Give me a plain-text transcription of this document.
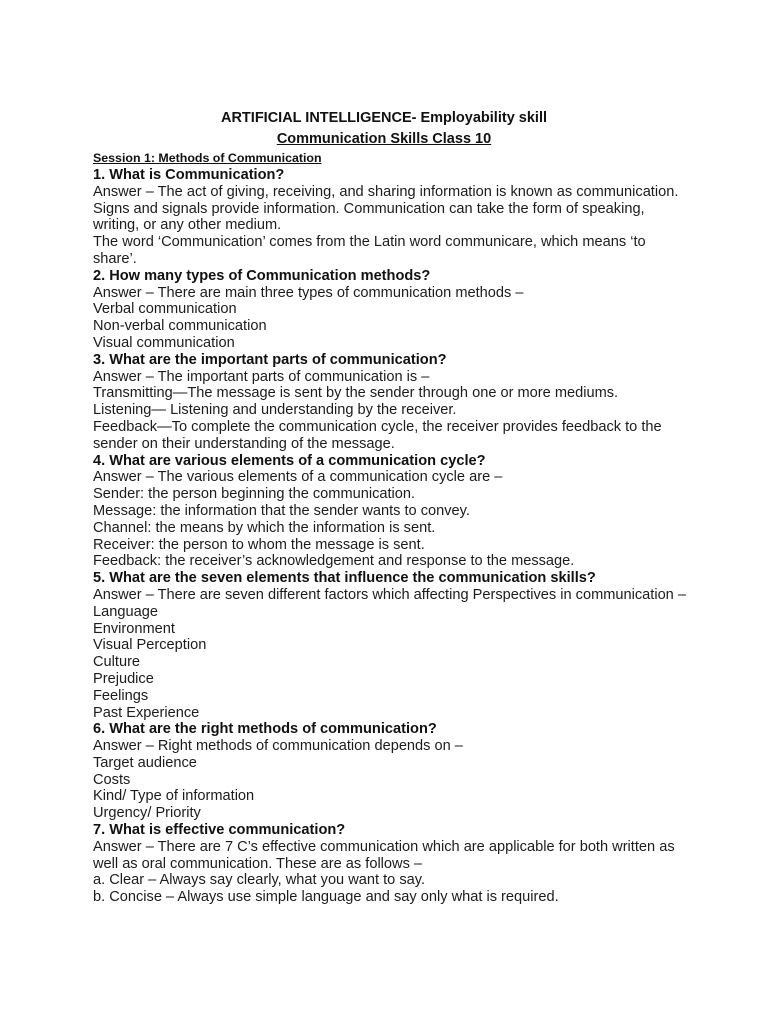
ARTIFICIAL INTELLIGENCE- Employability skill
Communication Skills Class 10
Session 1: Methods of Communication
1. What is Communication?
Answer – The act of giving, receiving, and sharing information is known as communication. Signs and signals provide information. Communication can take the form of speaking, writing, or any other medium.
The word ‘Communication’ comes from the Latin word communicare, which means ‘to share’.
2. How many types of Communication methods?
Answer – There are main three types of communication methods –
Verbal communication
Non-verbal communication
Visual communication
3. What are the important parts of communication?
Answer – The important parts of communication is –
Transmitting—The message is sent by the sender through one or more mediums.
Listening— Listening and understanding by the receiver.
Feedback—To complete the communication cycle, the receiver provides feedback to the sender on their understanding of the message.
4. What are various elements of a communication cycle?
Answer – The various elements of a communication cycle are –
Sender: the person beginning the communication.
Message: the information that the sender wants to convey.
Channel: the means by which the information is sent.
Receiver: the person to whom the message is sent.
Feedback: the receiver’s acknowledgement and response to the message.
5. What are the seven elements that influence the communication skills?
Answer – There are seven different factors which affecting Perspectives in communication –
Language
Environment
Visual Perception
Culture
Prejudice
Feelings
Past Experience
6. What are the right methods of communication?
Answer – Right methods of communication depends on –
Target audience
Costs
Kind/ Type of information
Urgency/ Priority
7. What is effective communication?
Answer – There are 7 C’s effective communication which are applicable for both written as well as oral communication. These are as follows –
a. Clear – Always say clearly, what you want to say.
b. Concise – Always use simple language and say only what is required.
